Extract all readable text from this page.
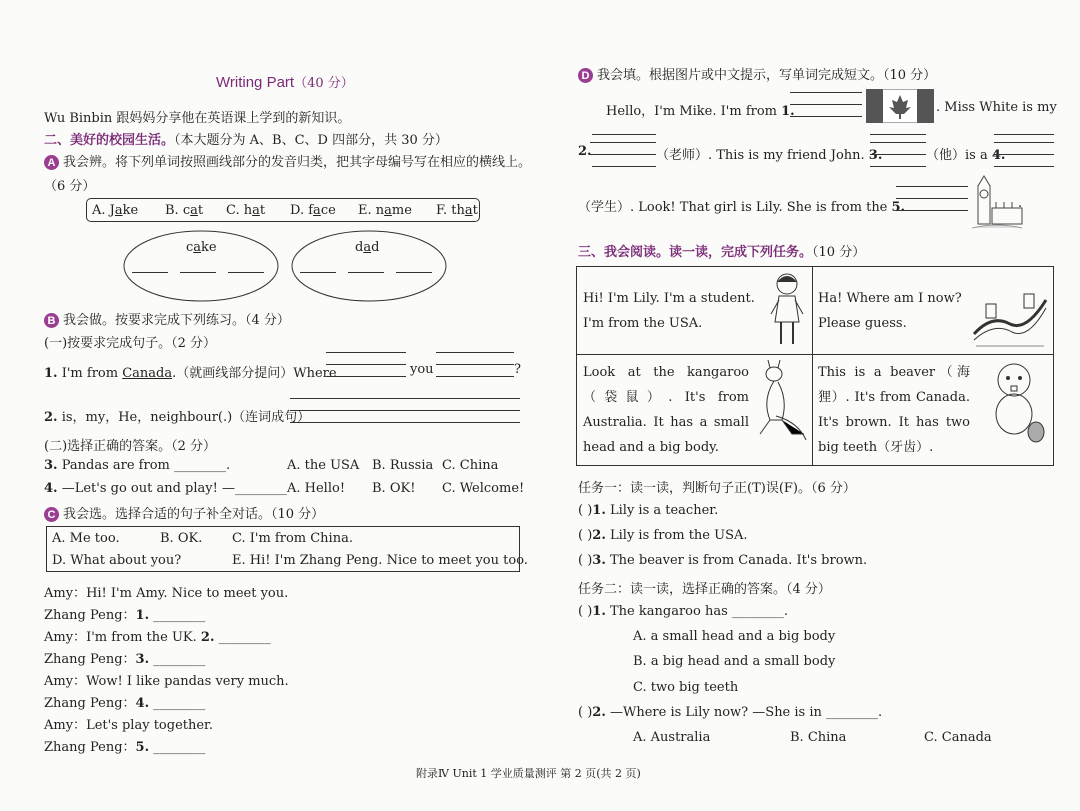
Writing Part（40 分）
Wu Binbin 跟妈妈分享他在英语课上学到的新知识。
二、美好的校园生活。（本大题分为 A、B、C、D 四部分，共 30 分）
A 我会辨。将下列单词按照画线部分的发音归类，把其字母编号写在相应的横线上。
（6 分）
A. Jake B. cat C. hat D. face E. name F. that
cake	dad
B 我会做。按要求完成下列练习。（4 分）
(一)按要求完成句子。（2 分）
1. I'm from Canada.（就画线部分提问）Where	you	?
2. is，my，He，neighbour(.)（连词成句）
(二)选择正确的答案。（2 分）
3. Pandas are from ________.	A. the USA B. Russia C. China
4. —Let's go out and play! —________ A. Hello! B. OK! C. Welcome!
C 我会选。选择合适的句子补全对话。（10 分）
A. Me too.	B. OK. C. I'm from China.
D. What about you?	E. Hi! I'm Zhang Peng. Nice to meet you too.
Amy：Hi! I'm Amy. Nice to meet you.
Zhang Peng：1. ________
Amy：I'm from the UK. 2. ________
Zhang Peng：3. ________
Amy：Wow! I like pandas very much.
Zhang Peng：4. ________
Amy：Let's play together.
Zhang Peng：5. ________
D 我会填。根据图片或中文提示，写单词完成短文。（10 分）
Hello，I'm Mike. I'm from 1.	. Miss White is my
2.	（老师）. This is my friend John. 3.	（他）is a 4.
（学生）. Look! That girl is Lily. She is from the 5.	.
三、我会阅读。读一读，完成下列任务。（10 分）
Hi! I'm Lily. I'm a student.
I'm from the USA.
Ha! Where am I now?
Please guess.
Look at the kangaroo（袋鼠）. It's from Australia. It has a small head and a big body.
This is a beaver（海狸）. It's from Canada. It's brown. It has two big teeth（牙齿）.
任务一：读一读，判断句子正(T)误(F)。（6 分）
( )1. Lily is a teacher.
( )2. Lily is from the USA.
( )3. The beaver is from Canada. It's brown.
任务二：读一读，选择正确的答案。（4 分）
( )1. The kangaroo has ________.
A. a small head and a big body
B. a big head and a small body
C. two big teeth
( )2. —Where is Lily now? —She is in ________.
A. Australia	B. China	C. Canada
附录Ⅳ Unit 1 学业质量测评 第 2 页(共 2 页)
